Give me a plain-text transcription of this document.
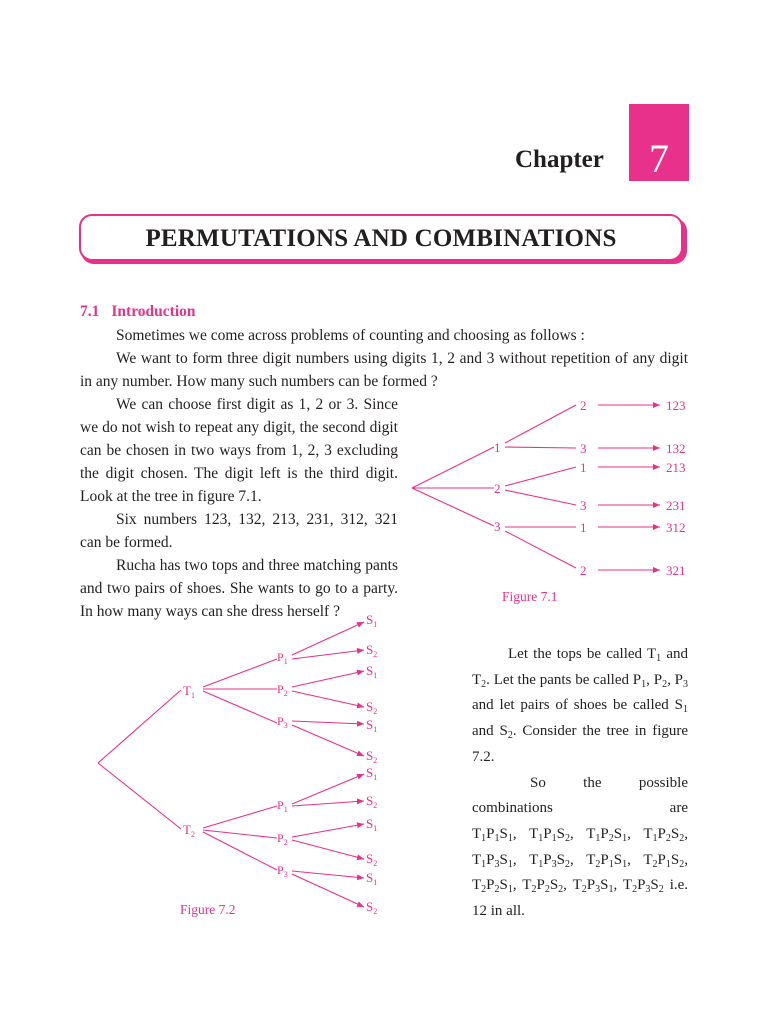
Chapter	7
PERMUTATIONS AND COMBINATIONS
7.1 Introduction
Sometimes we come across problems of counting and choosing as follows :
We want to form three digit numbers using digits 1, 2 and 3 without repetition of any digit in any number. How many such numbers can be formed ?
We can choose first digit as 1, 2 or 3. Since we do not wish to repeat any digit, the second digit can be chosen in two ways from 1, 2, 3 excluding the digit chosen. The digit left is the third digit. Look at the tree in figure 7.1.
Six numbers 123, 132, 213, 231, 312, 321 can be formed.
Rucha has two tops and three matching pants and two pairs of shoes. She wants to go to a party. In how many ways can she dress herself ?
1
2
3
2
3
1
3
1
2
123
132
213
231
312
321
Figure 7.1
$T_1$
$T_2$
$P_1$
$P_2$
$P_3$
$P_1$
$P_2$
$P_3$
$S_1$
$S_2$
$S_1$
$S_2$
$S_1$
$S_2$
$S_1$
$S_2$
$S_1$
$S_2$
$S_1$
$S_2$
Figure 7.2
Let the tops be called $T_1$ and $T_2$. Let the pants be called $P_1$, $P_2$, $P_3$ and let pairs of shoes be called $S_1$ and $S_2$. Consider the tree in figure 7.2.
So the possible combinations are
$T_1P_1S_1$, $T_1P_1S_2$, $T_1P_2S_1$, $T_1P_2S_2$, $T_1P_3S_1$, $T_1P_3S_2$, $T_2P_1S_1$, $T_2P_1S_2$, $T_2P_2S_1$, $T_2P_2S_2$, $T_2P_3S_1$, $T_2P_3S_2$ i.e. 12 in all.
